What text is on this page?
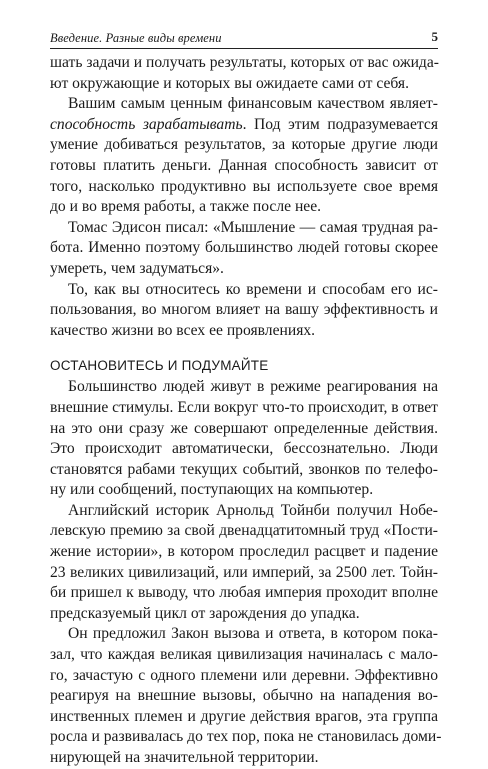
Введение. Разные виды времени	5
шать задачи и получать результаты, которых от вас ожида-
ют окружающие и которых вы ожидаете сами от себя.
Вашим самым ценным финансовым качеством являет-
способность зарабатывать. Под этим подразумевается
умение добиваться результатов, за которые другие люди
готовы платить деньги. Данная способность зависит от
того, насколько продуктивно вы используете свое время
до и во время работы, а также после нее.
Томас Эдисон писал: «Мышление — самая трудная ра-
бота. Именно поэтому большинство людей готовы скорее
умереть, чем задуматься».
То, как вы относитесь ко времени и способам его ис-
пользования, во многом влияет на вашу эффективность и
качество жизни во всех ее проявлениях.
ОСТАНОВИТЕСЬ И ПОДУМАЙТЕ
Большинство людей живут в режиме реагирования на
внешние стимулы. Если вокруг что-то происходит, в ответ
на это они сразу же совершают определенные действия.
Это происходит автоматически, бессознательно. Люди
становятся рабами текущих событий, звонков по телефо-
ну или сообщений, поступающих на компьютер.
Английский историк Арнольд Тойнби получил Нобе-
левскую премию за свой двенадцатитомный труд «Пости-
жение истории», в котором проследил расцвет и падение
23 великих цивилизаций, или империй, за 2500 лет. Тойн-
би пришел к выводу, что любая империя проходит вполне
предсказуемый цикл от зарождения до упадка.
Он предложил Закон вызова и ответа, в котором пока-
зал, что каждая великая цивилизация начиналась с мало-
го, зачастую с одного племени или деревни. Эффективно
реагируя на внешние вызовы, обычно на нападения во-
инственных племен и другие действия врагов, эта группа
росла и развивалась до тех пор, пока не становилась доми-
нирующей на значительной территории.
